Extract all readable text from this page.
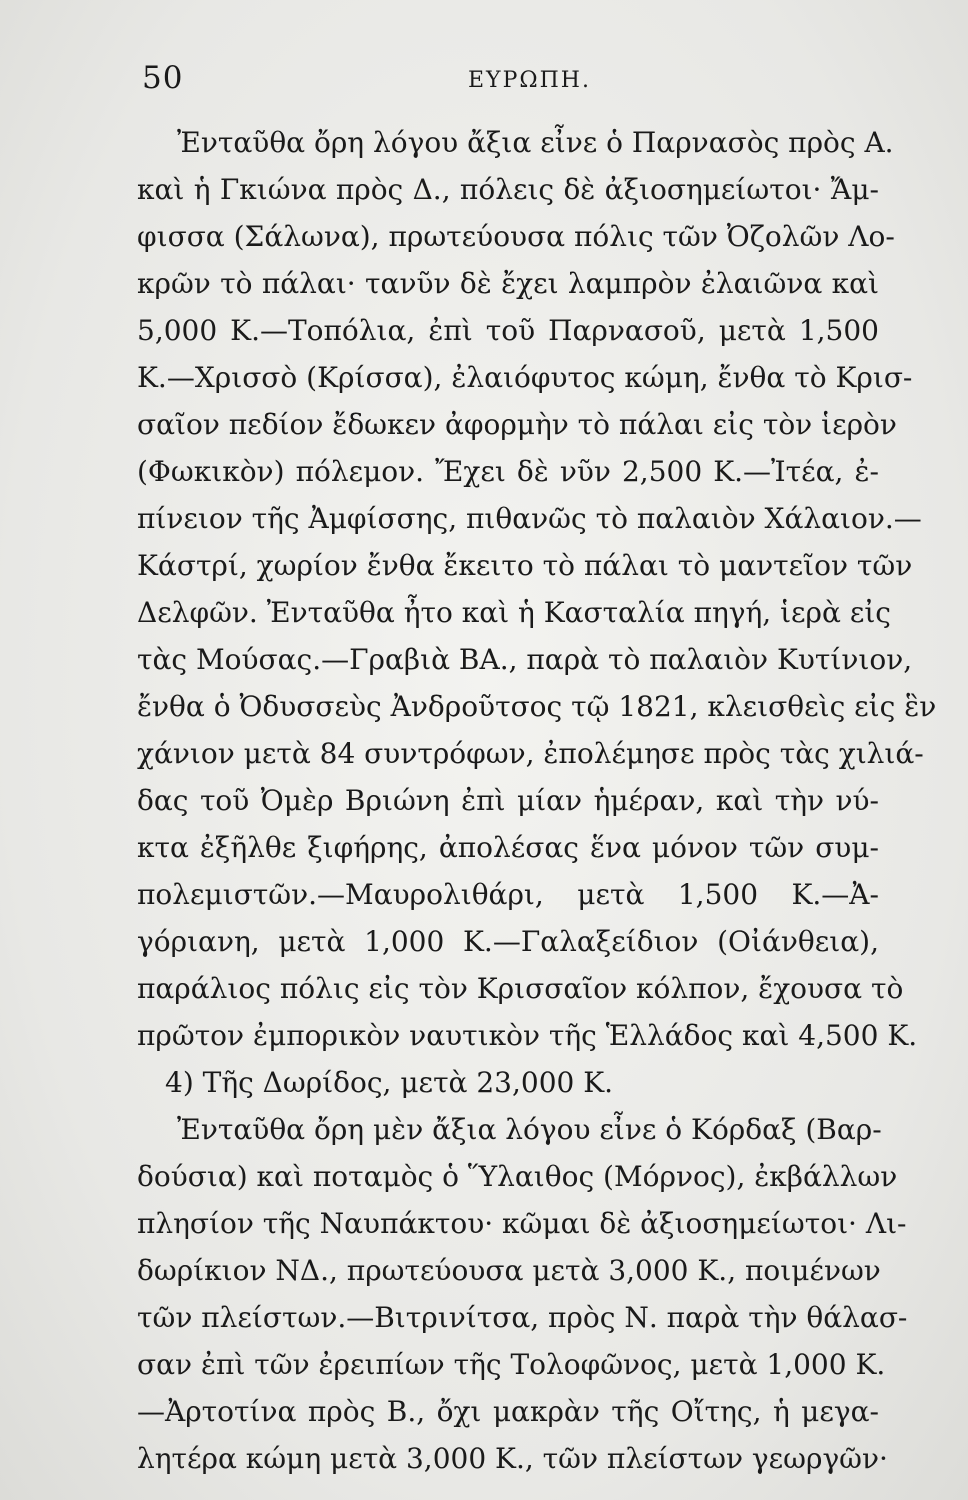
50	ΕΥΡΩΠΗ.
Ἐνταῦθα ὄρη λόγου ἄξια εἶνε ὁ Παρνασὸς πρὸς Α.
καὶ ἡ Γκιώνα πρὸς Δ., πόλεις δὲ ἀξιοσημείωτοι· Ἄμ-
φισσα (Σάλωνα), πρωτεύουσα πόλις τῶν Ὀζολῶν Λο-
κρῶν τὸ πάλαι· τανῦν δὲ ἔχει λαμπρὸν ἐλαιῶνα καὶ
5,000 Κ.—Τοπόλια, ἐπὶ τοῦ Παρνασοῦ, μετὰ 1,500
Κ.—Χρισσὸ (Κρίσσα), ἐλαιόφυτος κώμη, ἔνθα τὸ Κρισ-
σαῖον πεδίον ἔδωκεν ἀφορμὴν τὸ πάλαι εἰς τὸν ἱερὸν
(Φωκικὸν) πόλεμον. Ἔχει δὲ νῦν 2,500 Κ.—Ἰτέα, ἐ-
πίνειον τῆς Ἀμφίσσης, πιθανῶς τὸ παλαιὸν Χάλαιον.—
Κάστρί, χωρίον ἔνθα ἔκειτο τὸ πάλαι τὸ μαντεῖον τῶν
Δελφῶν. Ἐνταῦθα ἦτο καὶ ἡ Κασταλία πηγή, ἱερὰ εἰς
τὰς Μούσας.—Γραβιὰ ΒΑ., παρὰ τὸ παλαιὸν Κυτίνιον,
ἔνθα ὁ Ὀδυσσεὺς Ἀνδροῦτσος τῷ 1821, κλεισθεὶς εἰς ἓν
χάνιον μετὰ 84 συντρόφων, ἐπολέμησε πρὸς τὰς χιλιά-
δας τοῦ Ὀμὲρ Βριώνη ἐπὶ μίαν ἡμέραν, καὶ τὴν νύ-
κτα ἐξῆλθε ξιφήρης, ἀπολέσας ἕνα μόνον τῶν συμ-
πολεμιστῶν.—Μαυρολιθάρι, μετὰ 1,500 Κ.—Ἀ-
γόριανη, μετὰ 1,000 Κ.—Γαλαξείδιον (Οἰάνθεια),
παράλιος πόλις εἰς τὸν Κρισσαῖον κόλπον, ἔχουσα τὸ
πρῶτον ἐμπορικὸν ναυτικὸν τῆς Ἑλλάδος καὶ 4,500 Κ.
4) Τῆς Δωρίδος, μετὰ 23,000 Κ.
Ἐνταῦθα ὄρη μὲν ἄξια λόγου εἶνε ὁ Κόρδαξ (Βαρ-
δούσια) καὶ ποταμὸς ὁ Ὕλαιθος (Μόρνος), ἐκβάλλων
πλησίον τῆς Ναυπάκτου· κῶμαι δὲ ἀξιοσημείωτοι· Λι-
δωρίκιον ΝΔ., πρωτεύουσα μετὰ 3,000 Κ., ποιμένων
τῶν πλείστων.—Βιτρινίτσα, πρὸς Ν. παρὰ τὴν θάλασ-
σαν ἐπὶ τῶν ἐρειπίων τῆς Τολοφῶνος, μετὰ 1,000 Κ.
—Ἀρτοτίνα πρὸς Β., ὄχι μακρὰν τῆς Οἴτης, ἡ μεγα-
λητέρα κώμη μετὰ 3,000 Κ., τῶν πλείστων γεωργῶν·
